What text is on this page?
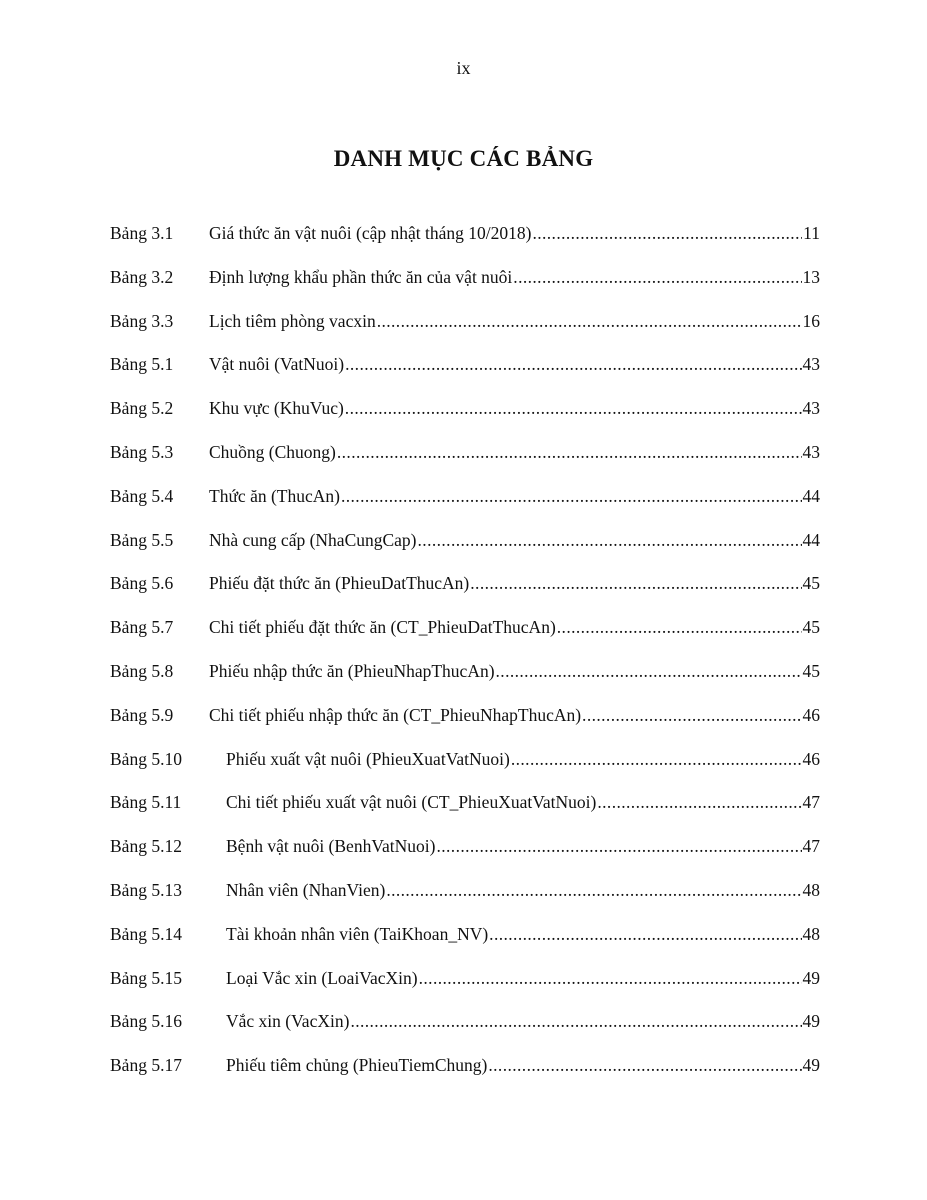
ix
DANH MỤC CÁC BẢNG
Bảng 3.1	Giá thức ăn vật nuôi (cập nhật tháng 10/2018) .....	11
Bảng 3.2	Định lượng khẩu phần thức ăn của vật nuôi .....	13
Bảng 3.3	Lịch tiêm phòng vacxin .....	16
Bảng 5.1	Vật nuôi (VatNuoi) .....	43
Bảng 5.2	Khu vực (KhuVuc) .....	43
Bảng 5.3	Chuồng (Chuong) .....	43
Bảng 5.4	Thức ăn (ThucAn) .....	44
Bảng 5.5	Nhà cung cấp (NhaCungCap) .....	44
Bảng 5.6	Phiếu đặt thức ăn (PhieuDatThucAn) .....	45
Bảng 5.7	Chi tiết phiếu đặt thức ăn (CT_PhieuDatThucAn) .....	45
Bảng 5.8	Phiếu nhập thức ăn (PhieuNhapThucAn) .....	45
Bảng 5.9	Chi tiết phiếu nhập thức ăn (CT_PhieuNhapThucAn) .....	46
Bảng 5.10	Phiếu xuất vật nuôi (PhieuXuatVatNuoi) .....	46
Bảng 5.11	Chi tiết phiếu xuất vật nuôi (CT_PhieuXuatVatNuoi) .....	47
Bảng 5.12	Bệnh vật nuôi (BenhVatNuoi) .....	47
Bảng 5.13	Nhân viên (NhanVien) .....	48
Bảng 5.14	Tài khoản nhân viên (TaiKhoan_NV) .....	48
Bảng 5.15	Loại Vắc xin (LoaiVacXin) .....	49
Bảng 5.16	Vắc xin (VacXin) .....	49
Bảng 5.17	Phiếu tiêm chủng (PhieuTiemChung) .....	49
